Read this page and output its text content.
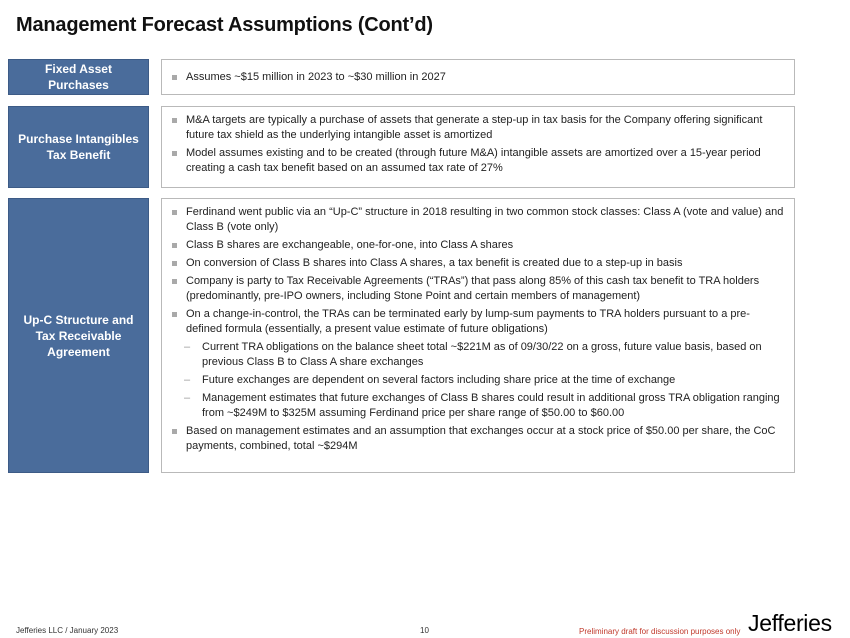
Management Forecast Assumptions (Cont’d)
Fixed Asset Purchases
Assumes ~$15 million in 2023 to ~$30 million in 2027
Purchase Intangibles Tax Benefit
M&A targets are typically a purchase of assets that generate a step-up in tax basis for the Company offering significant future tax shield as the underlying intangible asset is amortized
Model assumes existing and to be created (through future M&A) intangible assets are amortized over a 15-year period creating a cash tax benefit based on an assumed tax rate of 27%
Up-C Structure and Tax Receivable Agreement
Ferdinand went public via an “Up-C” structure in 2018 resulting in two common stock classes: Class A (vote and value) and Class B (vote only)
Class B shares are exchangeable, one-for-one, into Class A shares
On conversion of Class B shares into Class A shares, a tax benefit is created due to a step-up in basis
Company is party to Tax Receivable Agreements (“TRAs”) that pass along 85% of this cash tax benefit to TRA holders (predominantly, pre-IPO owners, including Stone Point and certain members of management)
On a change-in-control, the TRAs can be terminated early by lump-sum payments to TRA holders pursuant to a pre-defined formula (essentially, a present value estimate of future obligations)
– Current TRA obligations on the balance sheet total ~$221M as of 09/30/22 on a gross, future value basis, based on previous Class B to Class A share exchanges
– Future exchanges are dependent on several factors including share price at the time of exchange
– Management estimates that future exchanges of Class B shares could result in additional gross TRA obligation ranging from ~$249M to $325M assuming Ferdinand price per share range of $50.00 to $60.00
Based on management estimates and an assumption that exchanges occur at a stock price of $50.00 per share, the CoC payments, combined, total ~$294M
Jefferies LLC / January 2023	10	Preliminary draft for discussion purposes only Jefferies
